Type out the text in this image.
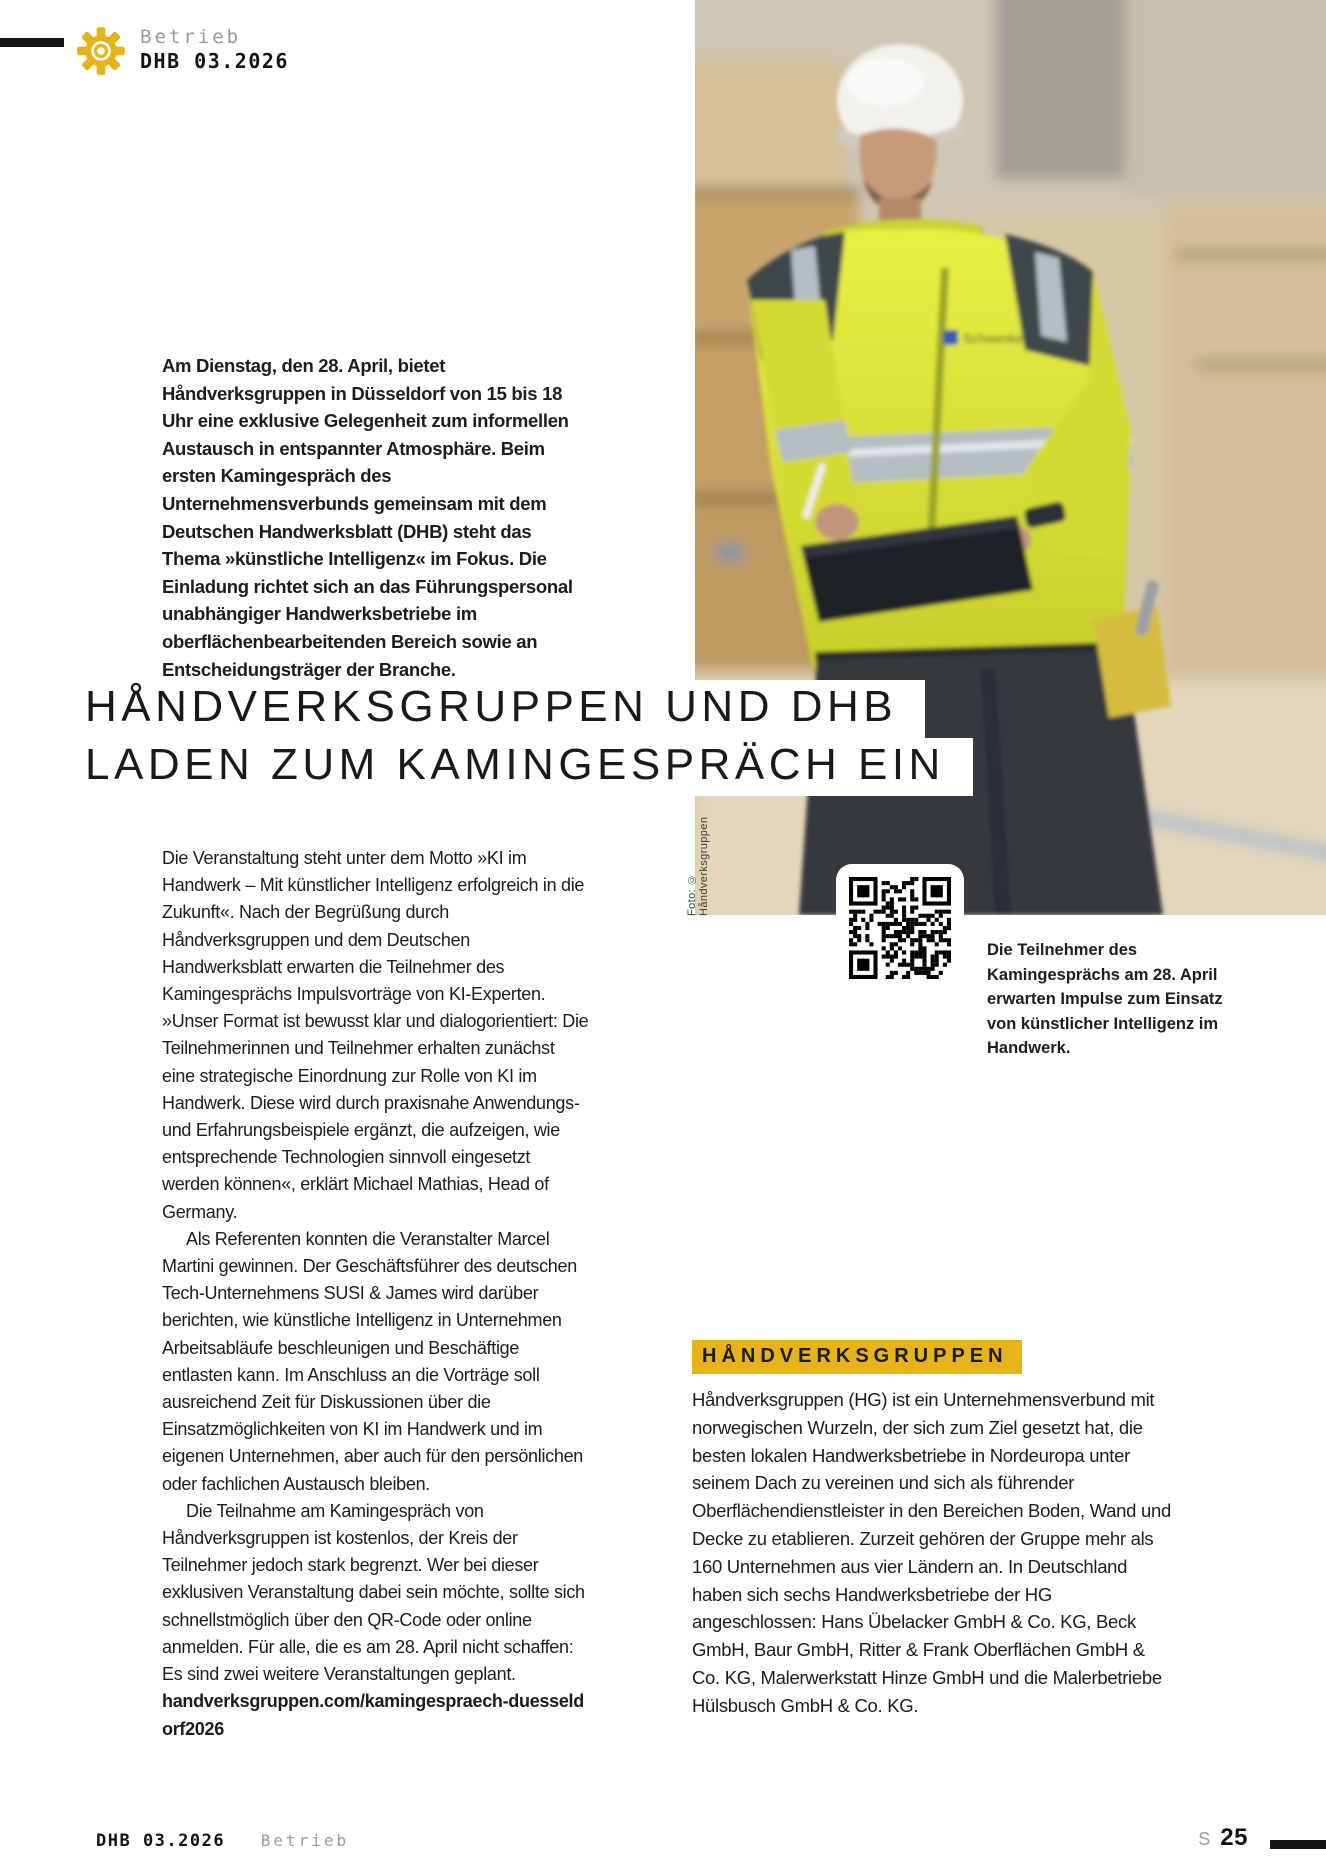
Betrieb
DHB 03.2026
Schwenke
Foto: © Håndverksgruppen
Am Dienstag, den 28. April, bietet Håndverksgruppen in Düsseldorf von 15 bis 18 Uhr eine exklusive Gelegenheit zum informellen Austausch in entspannter Atmosphäre. Beim ersten Kamingespräch des Unternehmensverbunds gemeinsam mit dem Deutschen Handwerksblatt (DHB) steht das Thema »künstliche Intelligenz« im Fokus. Die Einladung richtet sich an das Führungspersonal unabhängiger Handwerksbetriebe im oberflächenbearbeitenden Bereich sowie an Entscheidungsträger der Branche.
HÅNDVERKSGRUPPEN UND DHB
LADEN ZUM KAMINGESPRÄCH EIN

Die Veranstaltung steht unter dem Motto »KI im Handwerk – Mit künstlicher Intelligenz erfolgreich in die Zukunft«. Nach der Begrüßung durch Håndverksgruppen und dem Deutschen Handwerksblatt erwarten die Teilnehmer des Kamingesprächs Impulsvorträge von KI-Experten. »Unser Format ist bewusst klar und dialogorientiert: Die Teilnehmerinnen und Teilnehmer erhalten zunächst eine strategische Einordnung zur Rolle von KI im Handwerk. Diese wird durch praxisnahe Anwendungs- und Erfahrungsbeispiele ergänzt, die aufzeigen, wie entsprechende Technologien sinnvoll eingesetzt werden können«, erklärt Michael Mathias, Head of Germany.

Als Referenten konnten die Veranstalter Marcel Martini gewinnen. Der Geschäftsführer des deutschen Tech-Unternehmens SUSI & James wird darüber berichten, wie künstliche Intelligenz in Unternehmen Arbeitsabläufe beschleunigen und Beschäftige entlasten kann. Im Anschluss an die Vorträge soll ausreichend Zeit für Diskussionen über die Einsatzmöglichkeiten von KI im Handwerk und im eigenen Unternehmen, aber auch für den persönlichen oder fachlichen Austausch bleiben.

Die Teilnahme am Kamingespräch von Håndverksgruppen ist kostenlos, der Kreis der Teilnehmer jedoch stark begrenzt. Wer bei dieser exklusiven Veranstaltung dabei sein möchte, sollte sich schnellstmöglich über den QR-Code oder online anmelden. Für alle, die es am 28. April nicht schaffen: Es sind zwei weitere Veranstaltungen geplant.

handverksgruppen.com/kamingespraech-duesseldorf2026

Die Teilnehmer des Kamingesprächs am 28. April erwarten Impulse zum Einsatz von künstlicher Intelligenz im Handwerk.
HÅNDVERKSGRUPPEN
Håndverksgruppen (HG) ist ein Unternehmensverbund mit norwegischen Wurzeln, der sich zum Ziel gesetzt hat, die besten lokalen Handwerksbetriebe in Nordeuropa unter seinem Dach zu vereinen und sich als führender Oberflächendienstleister in den Bereichen Boden, Wand und Decke zu etablieren. Zurzeit gehören der Gruppe mehr als 160 Unternehmen aus vier Ländern an. In Deutschland haben sich sechs Handwerksbetriebe der HG angeschlossen: Hans Übelacker GmbH & Co. KG, Beck GmbH, Baur GmbH, Ritter & Frank Oberflächen GmbH & Co. KG, Malerwerkstatt Hinze GmbH und die Malerbetriebe Hülsbusch GmbH & Co. KG.
DHB 03.2026 Betrieb	S 25
